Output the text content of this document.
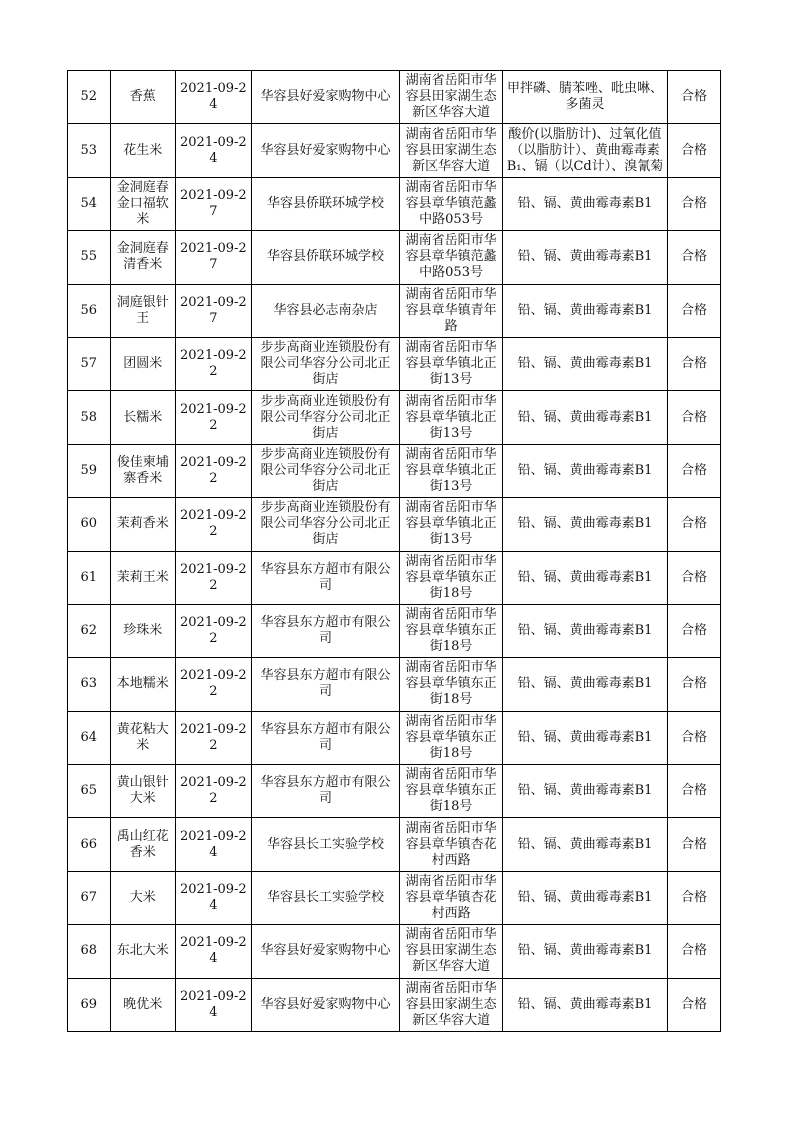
52	香蕉	2021-09-24	华容县好爱家购物中心	湖南省岳阳市华容县田家湖生态新区华容大道	甲拌磷、腈苯唑、吡虫啉、多菌灵	合格
53	花生米	2021-09-24	华容县好爱家购物中心	湖南省岳阳市华容县田家湖生态新区华容大道	酸价(以脂肪计)、过氧化值（以脂肪计）、黄曲霉毒素B₁、镉（以Cd计）、溴氰菊	合格
54	金洞庭春金口福软米	2021-09-27	华容县侨联环城学校	湖南省岳阳市华容县章华镇范蠡中路053号	铅、镉、黄曲霉毒素B1	合格
55	金洞庭春清香米	2021-09-27	华容县侨联环城学校	湖南省岳阳市华容县章华镇范蠡中路053号	铅、镉、黄曲霉毒素B1	合格
56	洞庭银针王	2021-09-27	华容县必志南杂店	湖南省岳阳市华容县章华镇青年路	铅、镉、黄曲霉毒素B1	合格
57	团圆米	2021-09-22	步步高商业连锁股份有限公司华容分公司北正街店	湖南省岳阳市华容县章华镇北正街13号	铅、镉、黄曲霉毒素B1	合格
58	长糯米	2021-09-22	步步高商业连锁股份有限公司华容分公司北正街店	湖南省岳阳市华容县章华镇北正街13号	铅、镉、黄曲霉毒素B1	合格
59	俊佳柬埔寨香米	2021-09-22	步步高商业连锁股份有限公司华容分公司北正街店	湖南省岳阳市华容县章华镇北正街13号	铅、镉、黄曲霉毒素B1	合格
60	茉莉香米	2021-09-22	步步高商业连锁股份有限公司华容分公司北正街店	湖南省岳阳市华容县章华镇北正街13号	铅、镉、黄曲霉毒素B1	合格
61	茉莉王米	2021-09-22	华容县东方超市有限公司	湖南省岳阳市华容县章华镇东正街18号	铅、镉、黄曲霉毒素B1	合格
62	珍珠米	2021-09-22	华容县东方超市有限公司	湖南省岳阳市华容县章华镇东正街18号	铅、镉、黄曲霉毒素B1	合格
63	本地糯米	2021-09-22	华容县东方超市有限公司	湖南省岳阳市华容县章华镇东正街18号	铅、镉、黄曲霉毒素B1	合格
64	黄花粘大米	2021-09-22	华容县东方超市有限公司	湖南省岳阳市华容县章华镇东正街18号	铅、镉、黄曲霉毒素B1	合格
65	黄山银针大米	2021-09-22	华容县东方超市有限公司	湖南省岳阳市华容县章华镇东正街18号	铅、镉、黄曲霉毒素B1	合格
66	禹山红花香米	2021-09-24	华容县长工实验学校	湖南省岳阳市华容县章华镇杏花村西路	铅、镉、黄曲霉毒素B1	合格
67	大米	2021-09-24	华容县长工实验学校	湖南省岳阳市华容县章华镇杏花村西路	铅、镉、黄曲霉毒素B1	合格
68	东北大米	2021-09-24	华容县好爱家购物中心	湖南省岳阳市华容县田家湖生态新区华容大道	铅、镉、黄曲霉毒素B1	合格
69	晚优米	2021-09-24	华容县好爱家购物中心	湖南省岳阳市华容县田家湖生态新区华容大道	铅、镉、黄曲霉毒素B1	合格
